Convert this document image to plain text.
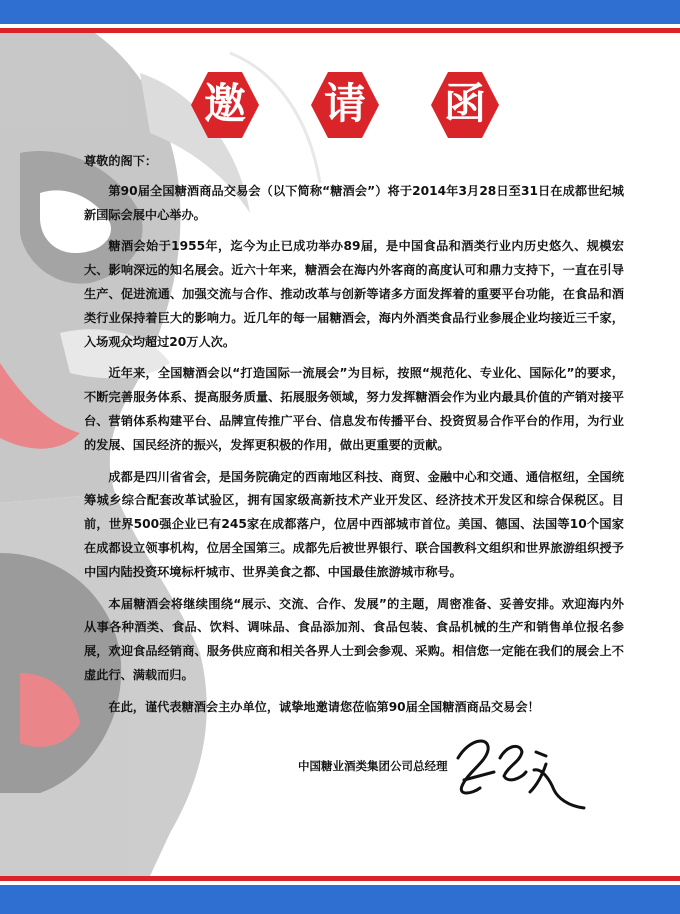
邀	请	函

尊敬的阁下：

第90届全国糖酒商品交易会（以下简称“糖酒会”）将于2014年3月28日至31日在成都世纪城新国际会展中心举办。

糖酒会始于1955年，迄今为止已成功举办89届，是中国食品和酒类行业内历史悠久、规模宏大、影响深远的知名展会。近六十年来，糖酒会在海内外客商的高度认可和鼎力支持下，一直在引导生产、促进流通、加强交流与合作、推动改革与创新等诸多方面发挥着的重要平台功能，在食品和酒类行业保持着巨大的影响力。近几年的每一届糖酒会，海内外酒类食品行业参展企业均接近三千家，入场观众均超过20万人次。

近年来，全国糖酒会以“打造国际一流展会”为目标，按照“规范化、专业化、国际化”的要求，不断完善服务体系、提高服务质量、拓展服务领域，努力发挥糖酒会作为业内最具价值的产销对接平台、营销体系构建平台、品牌宣传推广平台、信息发布传播平台、投资贸易合作平台的作用，为行业的发展、国民经济的振兴，发挥更积极的作用，做出更重要的贡献。

成都是四川省省会，是国务院确定的西南地区科技、商贸、金融中心和交通、通信枢纽，全国统筹城乡综合配套改革试验区，拥有国家级高新技术产业开发区、经济技术开发区和综合保税区。目前，世界500强企业已有245家在成都落户，位居中西部城市首位。美国、德国、法国等10个国家在成都设立领事机构，位居全国第三。成都先后被世界银行、联合国教科文组织和世界旅游组织授予中国内陆投资环境标杆城市、世界美食之都、中国最佳旅游城市称号。

本届糖酒会将继续围绕“展示、交流、合作、发展”的主题，周密准备、妥善安排。欢迎海内外从事各种酒类、食品、饮料、调味品、食品添加剂、食品包装、食品机械的生产和销售单位报名参展，欢迎食品经销商、服务供应商和相关各界人士到会参观、采购。相信您一定能在我们的展会上不虚此行、满载而归。

在此，谨代表糖酒会主办单位，诚挚地邀请您莅临第90届全国糖酒商品交易会！

中国糖业酒类集团公司总经理
